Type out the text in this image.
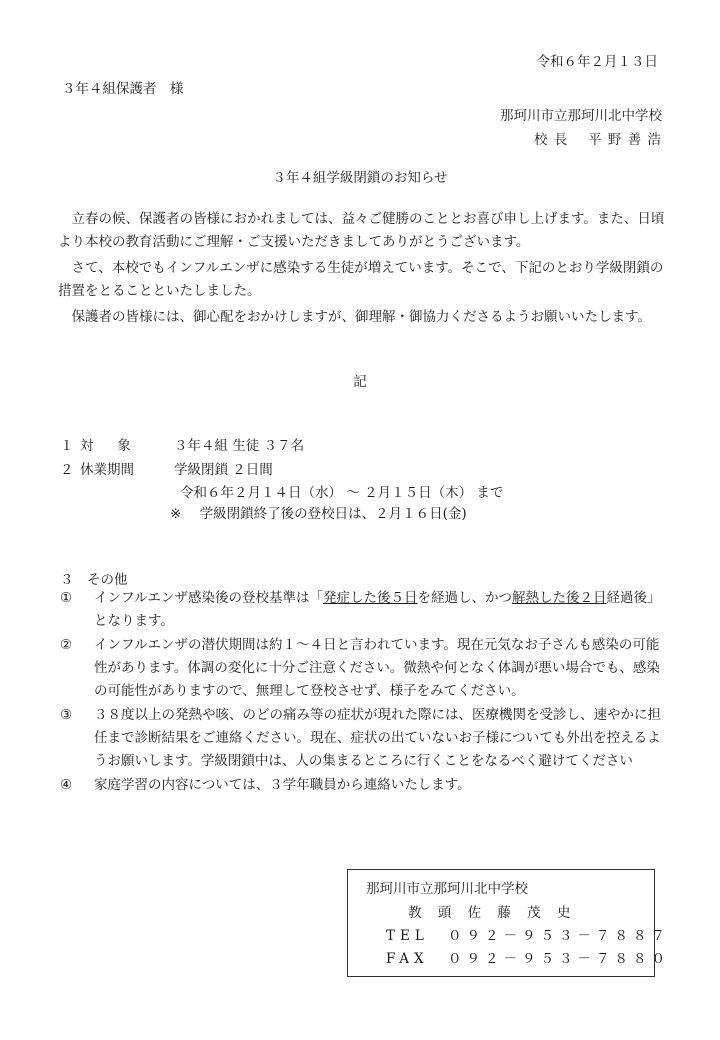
令和６年２月１３日
３年４組保護者　様
那珂川市立那珂川北中学校
校 長　 平 野 善 浩
３年４組学級閉鎖のお知らせ

立春の候、保護者の皆様におかれましては、益々ご健勝のこととお喜び申し上げます。また、日頃より本校の教育活動にご理解・ご支援いただきましてありがとうございます。

さて、本校でもインフルエンザに感染する生徒が増えています。そこで、下記のとおり学級閉鎖の措置をとることといたしました。

保護者の皆様には、御心配をおかけしますが、御理解・御協力くださるようお願いいたします。

記
１ 対　 象	３年４組 生徒 ３７名
２ 休業期間	学級閉鎖 ２日間
令和６年２月１４日（水） ～ ２月１５日（木） まで
※ 学級閉鎖終了後の登校日は、２月１６日(金)
３　その他
①	インフルエンザ感染後の登校基準は「発症した後５日を経過し、かつ解熱した後２日経過後」となります。
②	インフルエンザの潜伏期間は約１～４日と言われています。現在元気なお子さんも感染の可能性があります。体調の変化に十分ご注意ください。微熱や何となく体調が悪い場合でも、感染の可能性がありますので、無理して登校させず、様子をみてください。
③	３８度以上の発熱や咳、のどの痛み等の症状が現れた際には、医療機関を受診し、速やかに担任まで診断結果をご連絡ください。現在、症状の出ていないお子様についても外出を控えるようお願いします。学級閉鎖中は、人の集まるところに行くことをなるべく避けてください
④	家庭学習の内容については、３学年職員から連絡いたします。
那珂川市立那珂川北中学校
教 頭 佐 藤 茂 史
TEL ０９２－９５３－７８８７
FAX ０９２－９５３－７８８０
